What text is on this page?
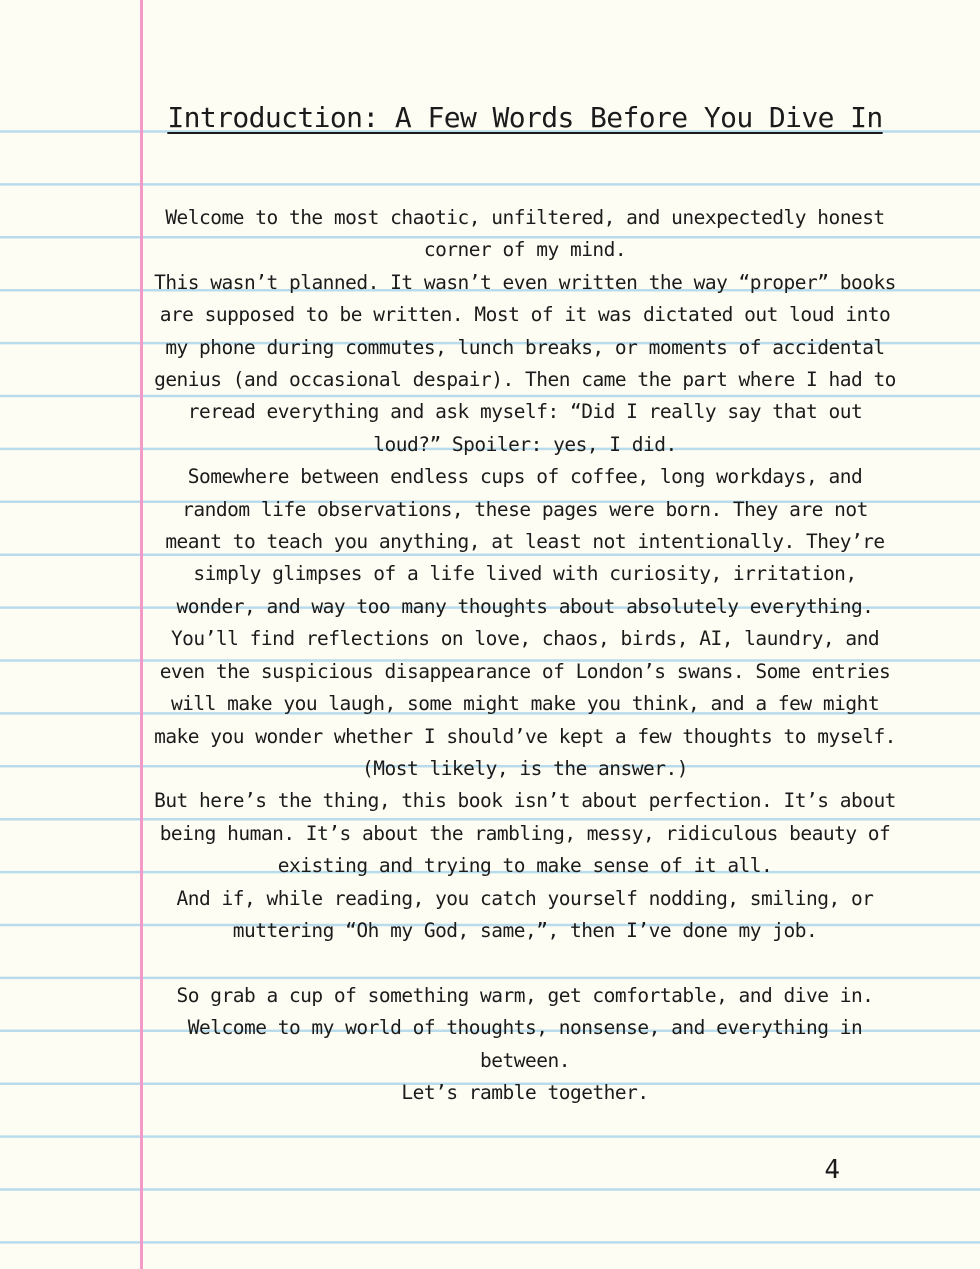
Introduction: A Few Words Before You Dive In

Welcome to the most chaotic, unfiltered, and unexpectedly honest corner of my mind.

This wasn’t planned. It wasn’t even written the way “proper” books are supposed to be written. Most of it was dictated out loud into my phone during commutes, lunch breaks, or moments of accidental genius (and occasional despair). Then came the part where I had to reread everything and ask myself: “Did I really say that out loud?” Spoiler: yes, I did.

Somewhere between endless cups of coffee, long workdays, and random life observations, these pages were born. They are not meant to teach you anything, at least not intentionally. They’re simply glimpses of a life lived with curiosity, irritation, wonder, and way too many thoughts about absolutely everything.

You’ll find reflections on love, chaos, birds, AI, laundry, and even the suspicious disappearance of London’s swans. Some entries will make you laugh, some might make you think, and a few might make you wonder whether I should’ve kept a few thoughts to myself. (Most likely, is the answer.)

But here’s the thing, this book isn’t about perfection. It’s about being human. It’s about the rambling, messy, ridiculous beauty of existing and trying to make sense of it all.

And if, while reading, you catch yourself nodding, smiling, or muttering “Oh my God, same,”, then I’ve done my job.

So grab a cup of something warm, get comfortable, and dive in.

Welcome to my world of thoughts, nonsense, and everything in between.

Let’s ramble together.

4
